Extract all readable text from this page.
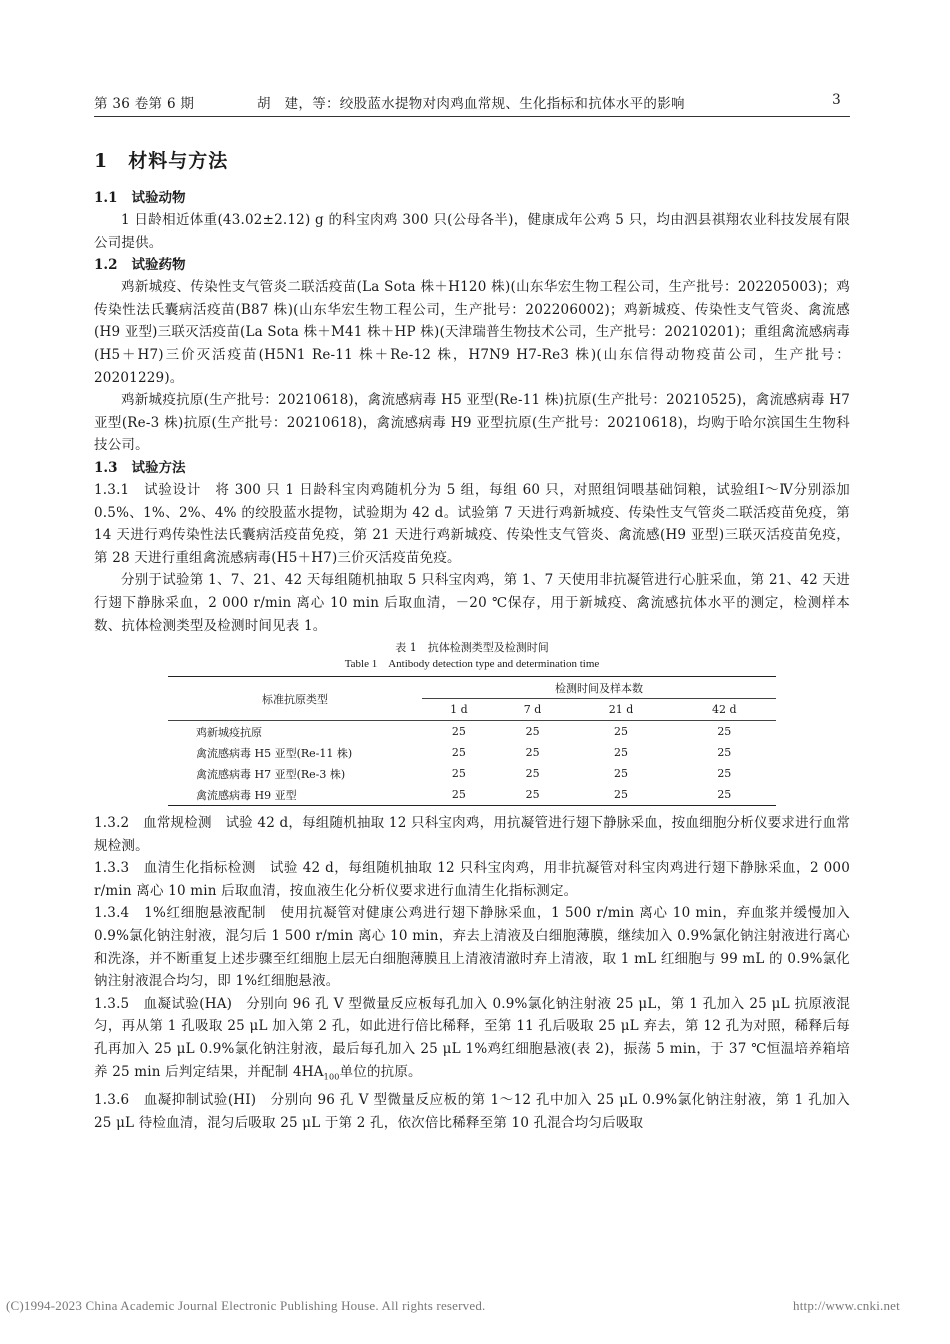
第 36 卷第 6 期	胡　建，等：绞股蓝水提物对肉鸡血常规、生化指标和抗体水平的影响	3
1 材料与方法
1.1 试验动物

1 日龄相近体重(43.02±2.12) g 的科宝肉鸡 300 只(公母各半)，健康成年公鸡 5 只，均由泗县祺翔农业科技发展有限公司提供。

1.2 试验药物

鸡新城疫、传染性支气管炎二联活疫苗(La Sota 株＋H120 株)(山东华宏生物工程公司，生产批号：202205003)；鸡传染性法氏囊病活疫苗(B87 株)(山东华宏生物工程公司，生产批号：202206002)；鸡新城疫、传染性支气管炎、禽流感(H9 亚型)三联灭活疫苗(La Sota 株＋M41 株＋HP 株)(天津瑞普生物技术公司，生产批号：20210201)；重组禽流感病毒(H5＋H7)三价灭活疫苗(H5N1 Re-11 株＋Re-12 株，H7N9 H7-Re3 株)(山东信得动物疫苗公司，生产批号：20201229)。

鸡新城疫抗原(生产批号：20210618)，禽流感病毒 H5 亚型(Re-11 株)抗原(生产批号：20210525)，禽流感病毒 H7 亚型(Re-3 株)抗原(生产批号：20210618)，禽流感病毒 H9 亚型抗原(生产批号：20210618)，均购于哈尔滨国生生物科技公司。

1.3 试验方法

1.3.1　 试验设计　 将 300 只 1 日龄科宝肉鸡随机分为 5 组，每组 60 只，对照组饲喂基础饲粮，试验组Ⅰ～Ⅳ分别添加 0.5%、1%、2%、4% 的绞股蓝水提物，试验期为 42 d。试验第 7 天进行鸡新城疫、传染性支气管炎二联活疫苗免疫，第 14 天进行鸡传染性法氏囊病活疫苗免疫，第 21 天进行鸡新城疫、传染性支气管炎、禽流感(H9 亚型)三联灭活疫苗免疫，第 28 天进行重组禽流感病毒(H5＋H7)三价灭活疫苗免疫。

分别于试验第 1、7、21、42 天每组随机抽取 5 只科宝肉鸡，第 1、7 天使用非抗凝管进行心脏采血，第 21、42 天进行翅下静脉采血，2 000 r/min 离心 10 min 后取血清，－20 ℃保存，用于新城疫、禽流感抗体水平的测定，检测样本数、抗体检测类型及检测时间见表 1。

表 1　抗体检测类型及检测时间
Table 1　Antibody detection type and determination time
标准抗原类型	检测时间及样本数			
	1 d	7 d	21 d	42 d
鸡新城疫抗原	25	25	25	25
禽流感病毒 H5 亚型(Re-11 株)	25	25	25	25
禽流感病毒 H7 亚型(Re-3 株)	25	25	25	25
禽流感病毒 H9 亚型	25	25	25	25

1.3.2　 血常规检测　 试验 42 d，每组随机抽取 12 只科宝肉鸡，用抗凝管进行翅下静脉采血，按血细胞分析仪要求进行血常规检测。

1.3.3　 血清生化指标检测　 试验 42 d，每组随机抽取 12 只科宝肉鸡，用非抗凝管对科宝肉鸡进行翅下静脉采血，2 000 r/min 离心 10 min 后取血清，按血液生化分析仪要求进行血清生化指标测定。

1.3.4　 1%红细胞悬液配制　 使用抗凝管对健康公鸡进行翅下静脉采血，1 500 r/min 离心 10 min，弃血浆并缓慢加入 0.9%氯化钠注射液，混匀后 1 500 r/min 离心 10 min，弃去上清液及白细胞薄膜，继续加入 0.9%氯化钠注射液进行离心和洗涤，并不断重复上述步骤至红细胞上层无白细胞薄膜且上清液清澈时弃上清液，取 1 mL 红细胞与 99 mL 的 0.9%氯化钠注射液混合均匀，即 1%红细胞悬液。

1.3.5　 血凝试验(HA)　 分别向 96 孔 V 型微量反应板每孔加入 0.9%氯化钠注射液 25 μL，第 1 孔加入 25 μL 抗原液混匀，再从第 1 孔吸取 25 μL 加入第 2 孔，如此进行倍比稀释，至第 11 孔后吸取 25 μL 弃去，第 12 孔为对照，稀释后每孔再加入 25 μL 0.9%氯化钠注射液，最后每孔加入 25 μL 1%鸡红细胞悬液(表 2)，振荡 5 min，于 37 ℃恒温培养箱培养 25 min 后判定结果，并配制 $4HA_{100}$单位的抗原。

1.3.6　 血凝抑制试验(HI)　 分别向 96 孔 V 型微量反应板的第 1～12 孔中加入 25 μL 0.9%氯化钠注射液，第 1 孔加入 25 μL 待检血清，混匀后吸取 25 μL 于第 2 孔，依次倍比稀释至第 10 孔混合均匀后吸取

(C)1994-2023 China Academic Journal Electronic Publishing House. All rights reserved.	http://www.cnki.net
